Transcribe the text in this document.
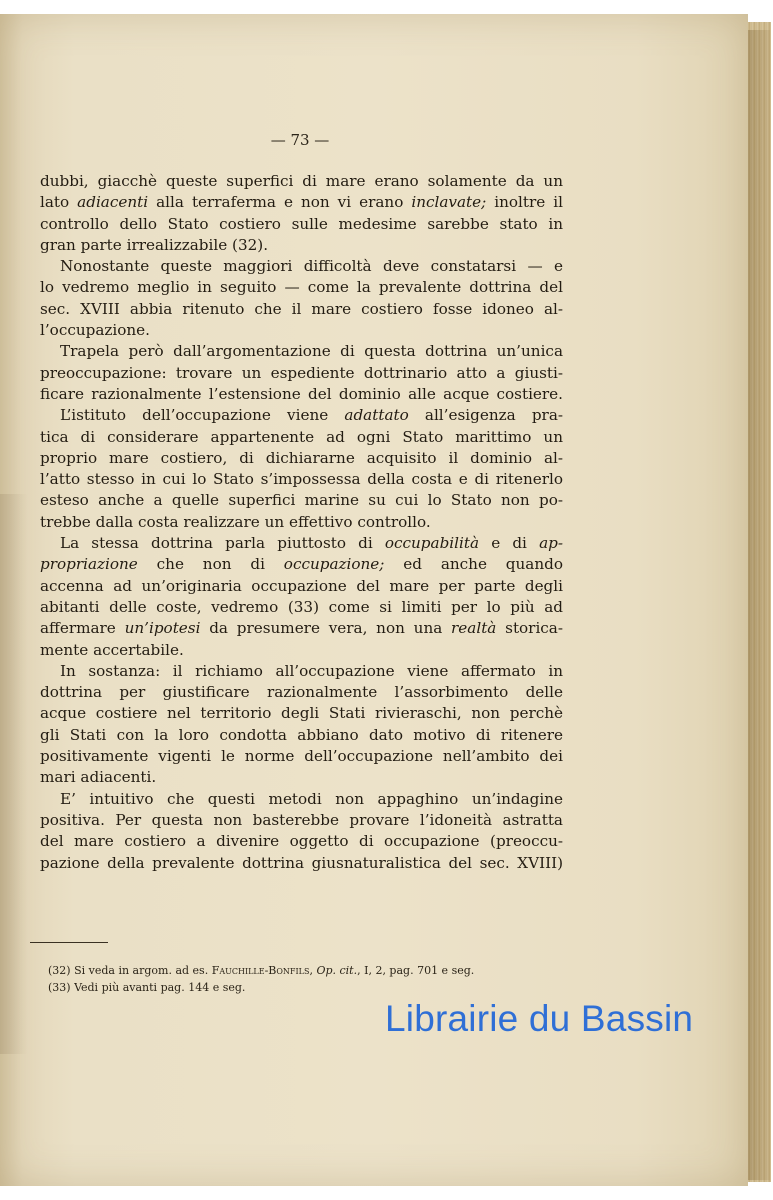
— 73 —

dubbi, giacchè queste superfici di mare erano solamente da un
lato adiacenti alla terraferma e non vi erano inclavate; inoltre il
controllo dello Stato costiero sulle medesime sarebbe stato in
gran parte irrealizzabile (32).

Nonostante queste maggiori difficoltà deve constatarsi — e
lo vedremo meglio in seguito — come la prevalente dottrina del
sec. XVIII abbia ritenuto che il mare costiero fosse idoneo al-
l’occupazione.

Trapela però dall’argomentazione di questa dottrina un’unica
preoccupazione: trovare un espediente dottrinario atto a giusti-
ficare razionalmente l’estensione del dominio alle acque costiere.

L’istituto dell’occupazione viene adattato all’esigenza pra-
tica di considerare appartenente ad ogni Stato marittimo un
proprio mare costiero, di dichiararne acquisito il dominio al-
l’atto stesso in cui lo Stato s’impossessa della costa e di ritenerlo
esteso anche a quelle superfici marine su cui lo Stato non po-
trebbe dalla costa realizzare un effettivo controllo.

La stessa dottrina parla piuttosto di occupabilità e di ap-
propriazione che non di occupazione; ed anche quando
accenna ad un’originaria occupazione del mare per parte degli
abitanti delle coste, vedremo (33) come si limiti per lo più ad
affermare un’ipotesi da presumere vera, non una realtà storica-
mente accertabile.

In sostanza: il richiamo all’occupazione viene affermato in
dottrina per giustificare razionalmente l’assorbimento delle
acque costiere nel territorio degli Stati rivieraschi, non perchè
gli Stati con la loro condotta abbiano dato motivo di ritenere
positivamente vigenti le norme dell’occupazione nell’ambito dei
mari adiacenti.

E’ intuitivo che questi metodi non appaghino un’indagine
positiva. Per questa non basterebbe provare l’idoneità astratta
del mare costiero a divenire oggetto di occupazione (preoccu-
pazione della prevalente dottrina giusnaturalistica del sec. XVIII)

(32) Si veda in argom. ad es. Fauchille-Bonfils, Op. cit., I, 2, pag. 701 e seg.
(33) Vedi più avanti pag. 144 e seg.
Librairie du Bassin
